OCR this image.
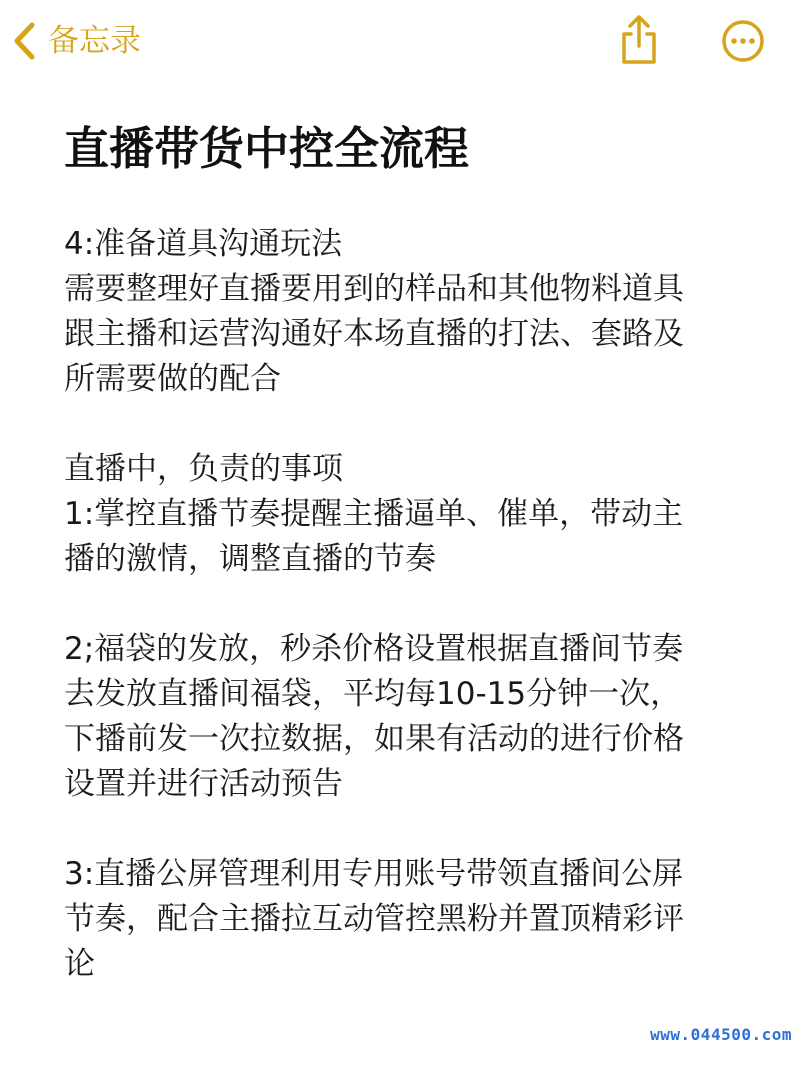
备忘录
直播带货中控全流程
4:准备道具沟通玩法
需要整理好直播要用到的样品和其他物料道具
跟主播和运营沟通好本场直播的打法、套路及
所需要做的配合
直播中，负责的事项
1:掌控直播节奏提醒主播逼单、催单，带动主
播的激情，调整直播的节奏
2;福袋的发放，秒杀价格设置根据直播间节奏
去发放直播间福袋，平均每10-15分钟一次，
下播前发一次拉数据，如果有活动的进行价格
设置并进行活动预告
3:直播公屏管理利用专用账号带领直播间公屏
节奏，配合主播拉互动管控黑粉并置顶精彩评
论
www.044500.com
